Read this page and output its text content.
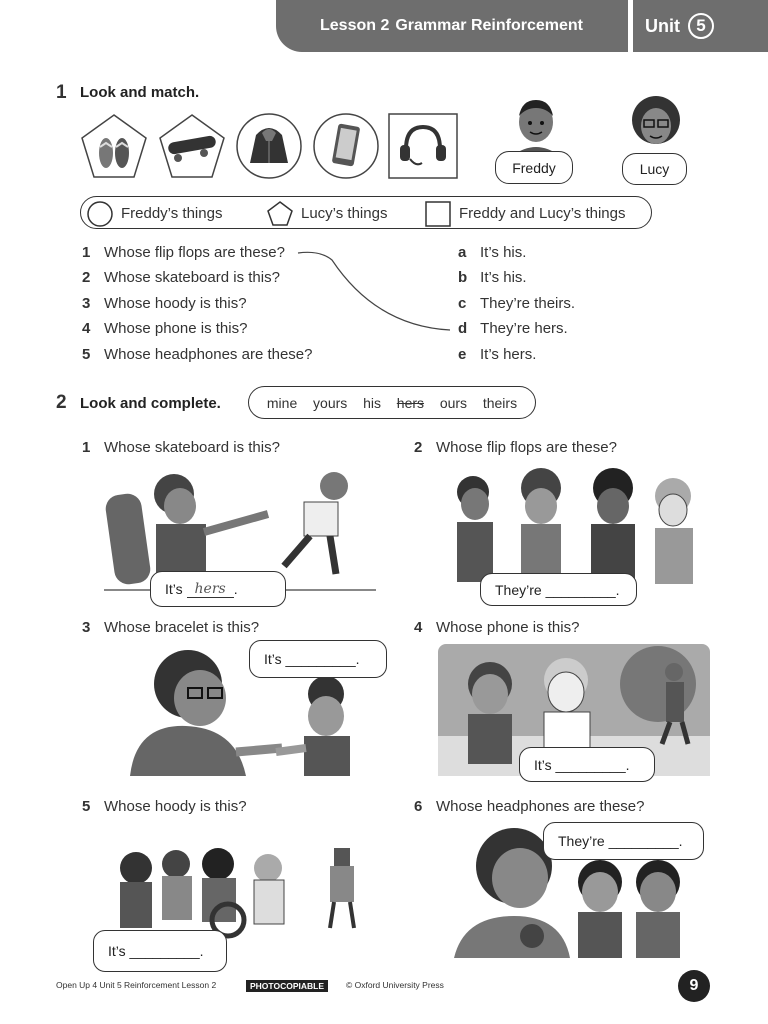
Lesson 2 Grammar Reinforcement	Unit 5
1 Look and match.
Freddy	Lucy
Freddy’s things	Lucy’s things	Freddy and Lucy’s things
1 Whose flip flops are these?
2 Whose skateboard is this?
3 Whose hoody is this?
4 Whose phone is this?
5 Whose headphones are these?
a It’s his.
b It’s his.
c They’re theirs.
d They’re hers.
e It’s hers.
2 Look and complete.	mine yours his hers ours theirs
1 Whose skateboard is this?
It’s
hers .
2 Whose flip flops are these?
They’re
_________ .
3 Whose bracelet is this?
It’s
_________ .
4 Whose phone is this?
It’s
_________ .
5 Whose hoody is this?
It’s
_________ .
6 Whose headphones are these?
They’re
_________ .
Open Up 4 Unit 5 Reinforcement Lesson 2	PHOTOCOPIABLE	© Oxford University Press	9
